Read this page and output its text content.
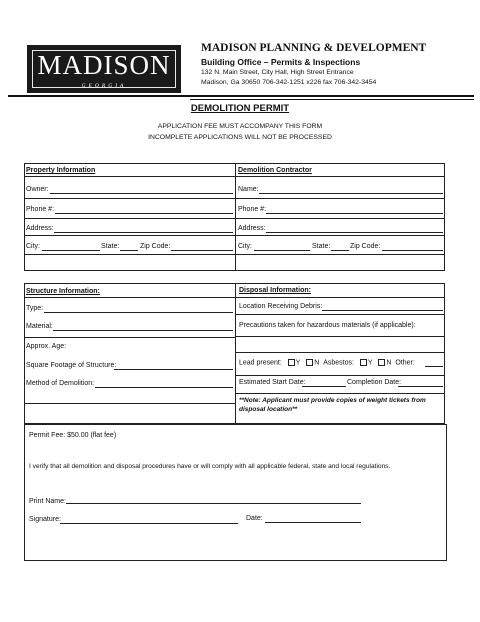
MADISON
GEORGIA
MADISON PLANNING & DEVELOPMENT
Building Office – Permits & Inspections
132 N. Main Street, City Hall, High Street Entrance
Madison, Ga 30650 706-342-1251 x226 fax 706-342-3454
DEMOLITION PERMIT
APPLICATION FEE MUST ACCOMPANY THIS FORM
INCOMPLETE APPLICATIONS WILL NOT BE PROCESSED
Property Information
Owner:
Phone #:
Address:
City:	State:	Zip Code:
Demolition Contractor
Name:
Phone #:
Address:
City:	State:	Zip Code:
Structure Information:
Type:
Material:
Approx. Age:
Square Footage of Structure:
Method of Demolition:
Disposal Information:
Location Receiving Debris:
Precautions taken for hazardous materials (if applicable):
Lead present: Y N Asbestos: Y N Other:
Estimated Start Date:	Completion Date:
**Note: Applicant must provide copies of weight tickets from disposal location**
Permit Fee: $50.00 (flat fee)
I verify that all demolition and disposal procedures have or will comply with all applicable federal, state and local regulations.
Print Name:
Signature:	Date:
